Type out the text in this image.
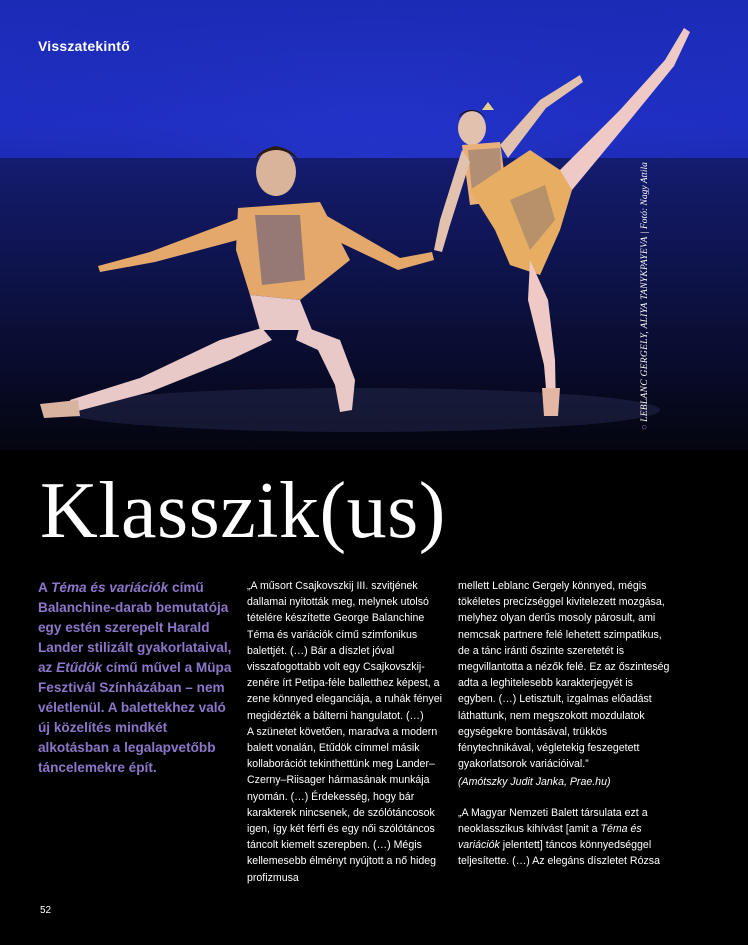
Visszatekintő
○ LEBLANC GERGELY, ALIYA TANYKPAYEVA | Fotó: Nagy Attila
Klasszik(us)
A Téma és variációk című Balanchine-darab bemutatója egy estén szerepelt Harald Lander stilizált gyakorlataival, az Etűdök című művel a Müpa Fesztivál Színházában – nem véletlenül. A balettekhez való új közelítés mindkét alkotásban a legalapvetőbb táncelemekre épít.

„A műsort Csajkovszkij III. szvitjének dallamai nyitották meg, melynek utolsó tételére készítette George Balanchine Téma és variációk című szimfonikus balettjét. (…) Bár a díszlet jóval visszafogottabb volt egy Csajkovszkij-zenére írt Petipa-féle balletthez képest, a zene könnyed eleganciája, a ruhák fényei megidézték a bálterni hangulatot. (…)

A szünetet követően, maradva a modern balett vonalán, Etűdök címmel másik kollaborációt tekinthettünk meg Lander–Czerny–Riisager hármasának munkája nyomán. (…) Érdekesség, hogy bár karakterek nincsenek, de szólótáncosok igen, így két férfi és egy női szólótáncos táncolt kiemelt szerepben. (…) Mégis kellemesebb élményt nyújtott a nő hideg profizmusa

mellett Leblanc Gergely könnyed, mégis tökéletes precízséggel kivitelezett mozgása, melyhez olyan derűs mosoly párosult, ami nemcsak partnere felé lehetett szimpatikus, de a tánc iránti őszinte szeretetét is megvillantotta a nézők felé. Ez az őszinteség adta a leghitelesebb karakterjegyét is egyben. (…) Letisztult, izgalmas előadást láthattunk, nem megszokott mozdulatok egységekre bontásával, trükkös fénytechnikával, végletekig feszegetett gyakorlatsorok variációival.”

(Amótszky Judit Janka, Prae.hu)

„A Magyar Nemzeti Balett társulata ezt a neoklasszikus kihívást [amit a Téma és variációk jelentett] táncos könnyedséggel teljesítette. (…) Az elegáns díszletet Rózsa

52
